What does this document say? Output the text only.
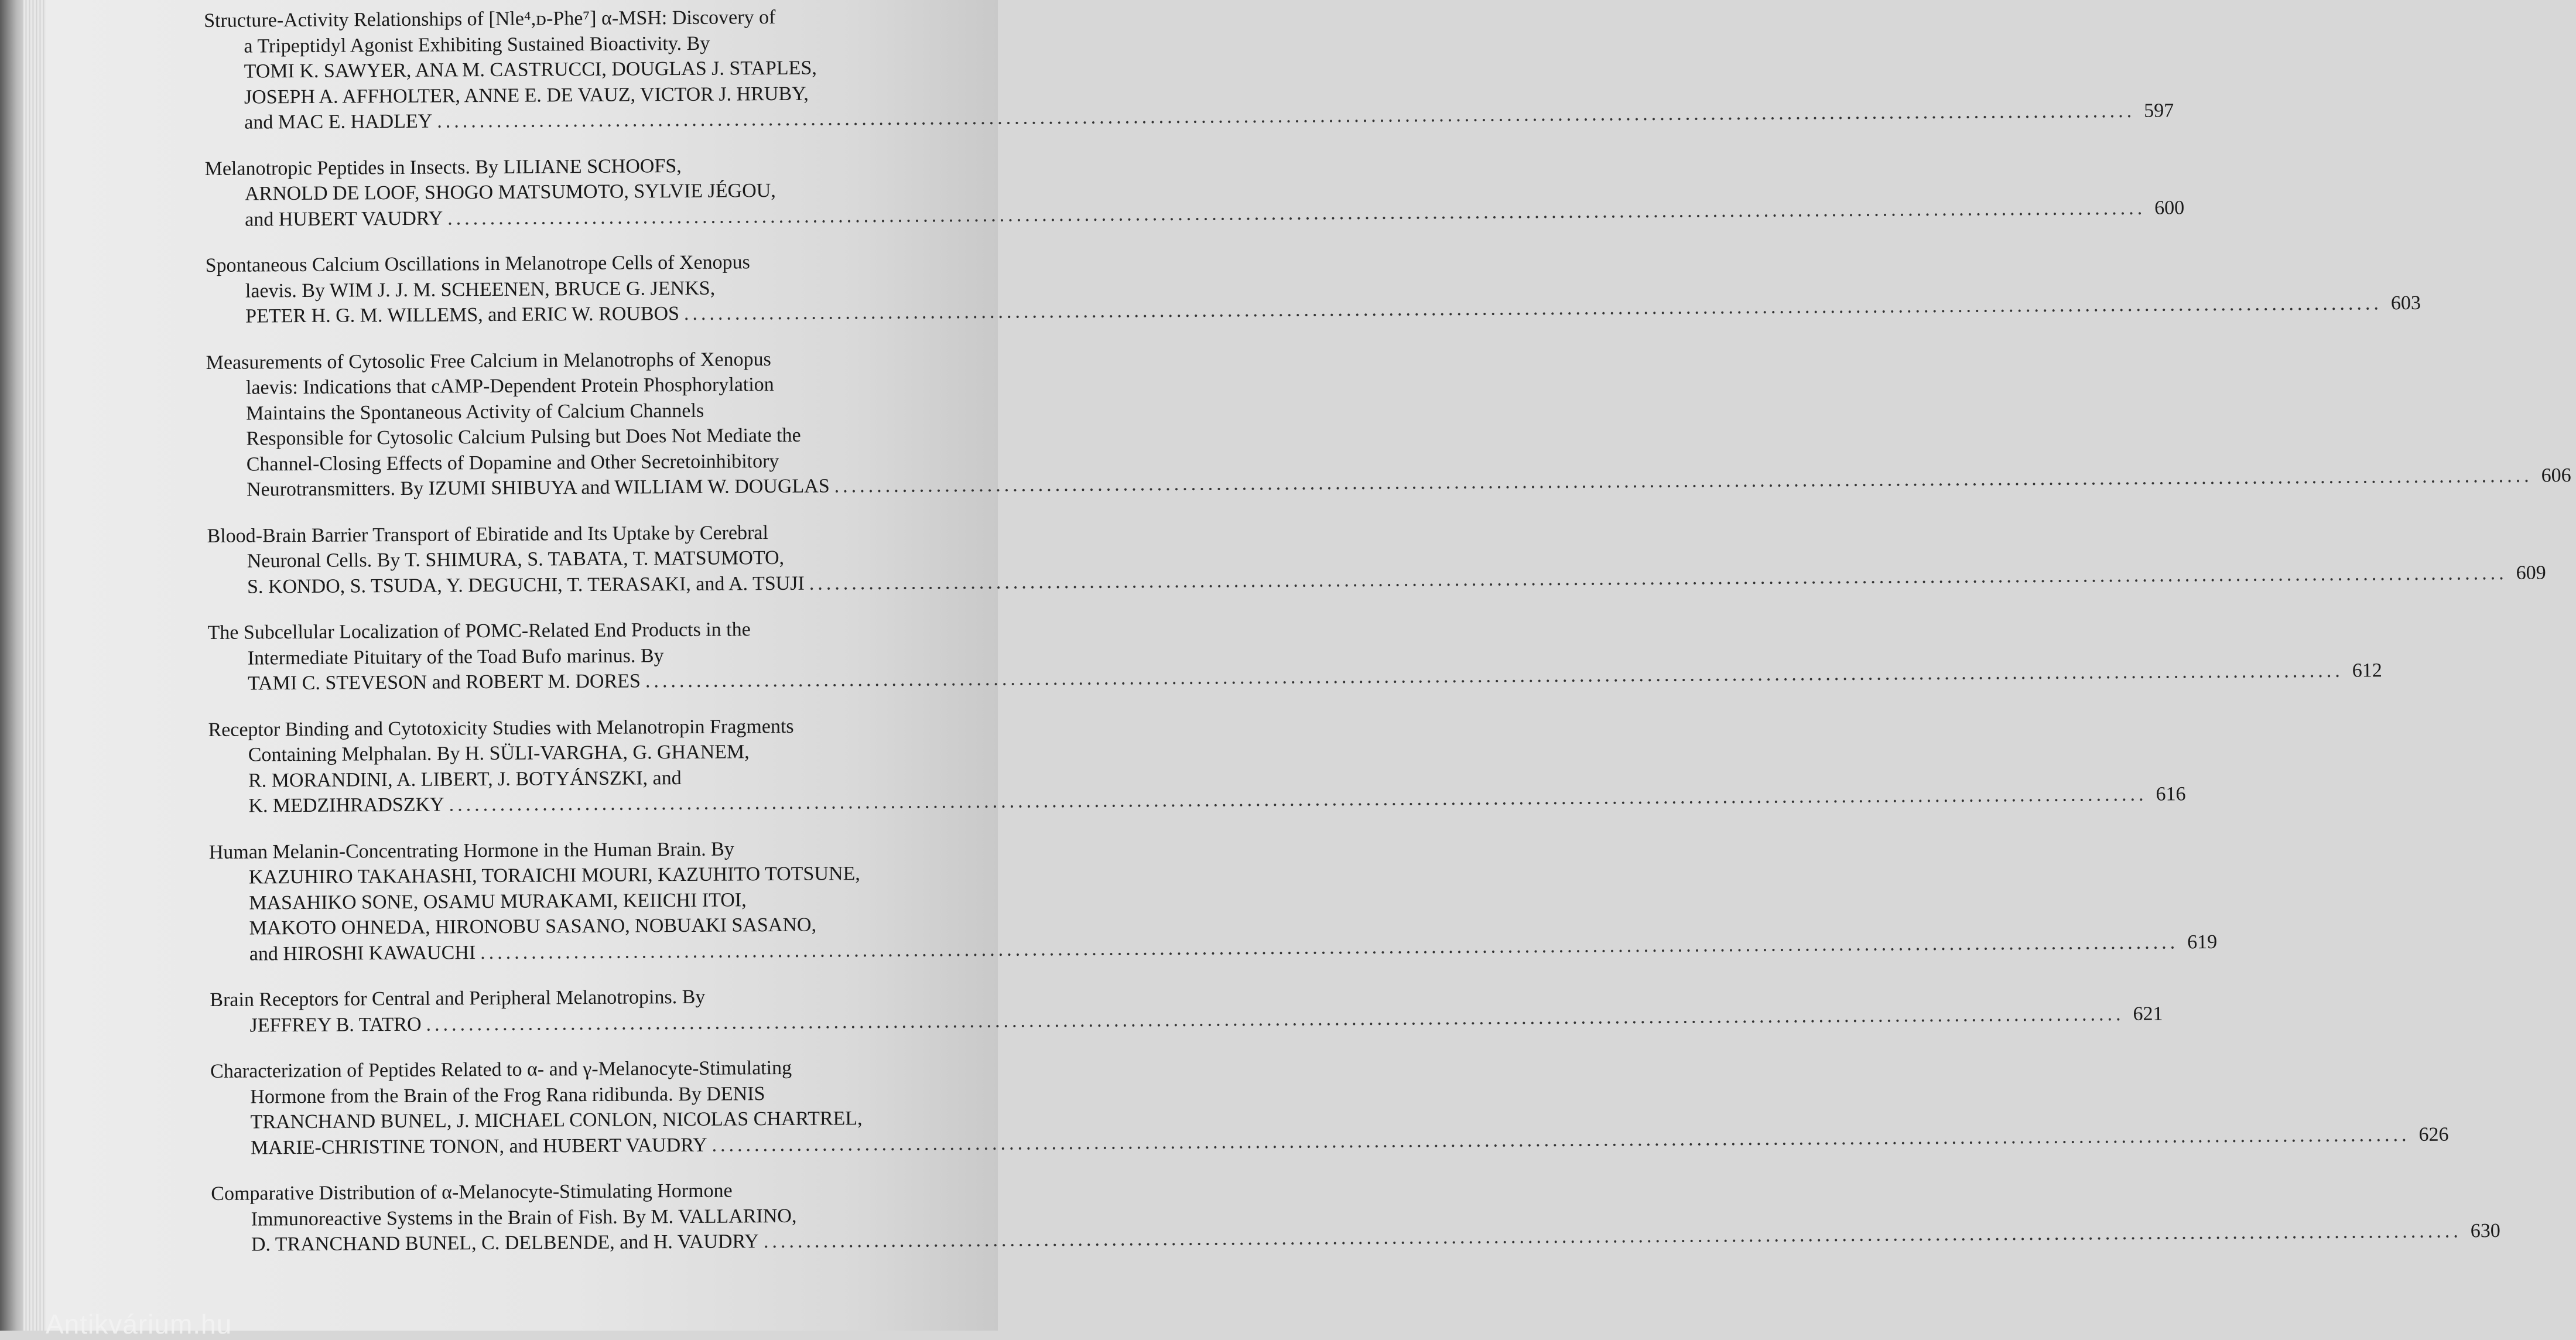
Structure-Activity Relationships of [Nle⁴,ᴅ-Phe⁷] α-MSH: Discovery of
a Tripeptidyl Agonist Exhibiting Sustained Bioactivity. By
TOMI K. SAWYER, ANA M. CASTRUCCI, DOUGLAS J. STAPLES,
JOSEPH A. AFFHOLTER, ANNE E. DE VAUZ, VICTOR J. HRUBY,
and MAC E. HADLEY ........................................................................................................................................................................................................ 597
Melanotropic Peptides in Insects. By LILIANE SCHOOFS,
ARNOLD DE LOOF, SHOGO MATSUMOTO, SYLVIE JÉGOU,
and HUBERT VAUDRY ........................................................................................................................................................................................................ 600
Spontaneous Calcium Oscillations in Melanotrope Cells of Xenopus
laevis. By WIM J. J. M. SCHEENEN, BRUCE G. JENKS,
PETER H. G. M. WILLEMS, and ERIC W. ROUBOS ........................................................................................................................................................................................................ 603
Measurements of Cytosolic Free Calcium in Melanotrophs of Xenopus
laevis: Indications that cAMP-Dependent Protein Phosphorylation
Maintains the Spontaneous Activity of Calcium Channels
Responsible for Cytosolic Calcium Pulsing but Does Not Mediate the
Channel-Closing Effects of Dopamine and Other Secretoinhibitory
Neurotransmitters. By IZUMI SHIBUYA and WILLIAM W. DOUGLAS ........................................................................................................................................................................................................ 606
Blood-Brain Barrier Transport of Ebiratide and Its Uptake by Cerebral
Neuronal Cells. By T. SHIMURA, S. TABATA, T. MATSUMOTO,
S. KONDO, S. TSUDA, Y. DEGUCHI, T. TERASAKI, and A. TSUJI ........................................................................................................................................................................................................ 609
The Subcellular Localization of POMC-Related End Products in the
Intermediate Pituitary of the Toad Bufo marinus. By
TAMI C. STEVESON and ROBERT M. DORES ........................................................................................................................................................................................................ 612
Receptor Binding and Cytotoxicity Studies with Melanotropin Fragments
Containing Melphalan. By H. SÜLI-VARGHA, G. GHANEM,
R. MORANDINI, A. LIBERT, J. BOTYÁNSZKI, and
K. MEDZIHRADSZKY ........................................................................................................................................................................................................ 616
Human Melanin-Concentrating Hormone in the Human Brain. By
KAZUHIRO TAKAHASHI, TORAICHI MOURI, KAZUHITO TOTSUNE,
MASAHIKO SONE, OSAMU MURAKAMI, KEIICHI ITOI,
MAKOTO OHNEDA, HIRONOBU SASANO, NOBUAKI SASANO,
and HIROSHI KAWAUCHI ........................................................................................................................................................................................................ 619
Brain Receptors for Central and Peripheral Melanotropins. By
JEFFREY B. TATRO ........................................................................................................................................................................................................ 621
Characterization of Peptides Related to α- and γ-Melanocyte-Stimulating
Hormone from the Brain of the Frog Rana ridibunda. By DENIS
TRANCHAND BUNEL, J. MICHAEL CONLON, NICOLAS CHARTREL,
MARIE-CHRISTINE TONON, and HUBERT VAUDRY ........................................................................................................................................................................................................ 626
Comparative Distribution of α-Melanocyte-Stimulating Hormone
Immunoreactive Systems in the Brain of Fish. By M. VALLARINO,
D. TRANCHAND BUNEL, C. DELBENDE, and H. VAUDRY ........................................................................................................................................................................................................ 630
Antikvárium.hu
